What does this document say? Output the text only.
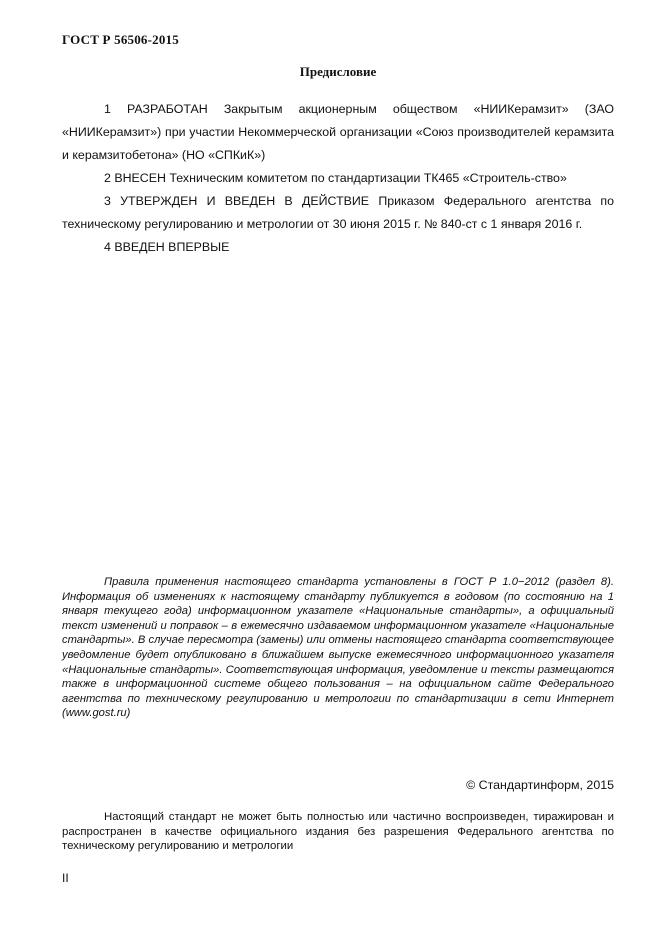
ГОСТ Р 56506-2015
Предисловие

1 РАЗРАБОТАН Закрытым акционерным обществом «НИИКерамзит» (ЗАО «НИИКерамзит») при участии Некоммерческой организации «Союз производителей керамзита и керамзитобетона» (НО «СПКиК»)

2 ВНЕСЕН Техническим комитетом по стандартизации ТК465 «Строитель-ство»

3 УТВЕРЖДЕН И ВВЕДЕН В ДЕЙСТВИЕ Приказом Федерального агентства по техническому регулированию и метрологии от 30 июня 2015 г. № 840-ст с 1 января 2016 г.

4 ВВЕДЕН ВПЕРВЫЕ

Правила применения настоящего стандарта установлены в ГОСТ Р 1.0−2012 (раздел 8). Информация об изменениях к настоящему стандарту публикуется в годовом (по состоянию на 1 января текущего года) информационном указателе «Национальные стандарты», а официальный текст изменений и поправок – в ежемесячно издаваемом информационном указателе «Национальные стандарты». В случае пересмотра (замены) или отмены настоящего стандарта соответствующее уведомление будет опубликовано в ближайшем выпуске ежемесячного информационного указателя «Национальные стандарты». Соответствующая информация, уведомление и тексты размещаются также в информационной системе общего пользования – на официальном сайте Федерального агентства по техническому регулированию и метрологии по стандартизации в сети Интернет (www.gost.ru)

© Стандартинформ, 2015

Настоящий стандарт не может быть полностью или частично воспроизведен, тиражирован и распространен в качестве официального издания без разрешения Федерального агентства по техническому регулированию и метрологии

II
